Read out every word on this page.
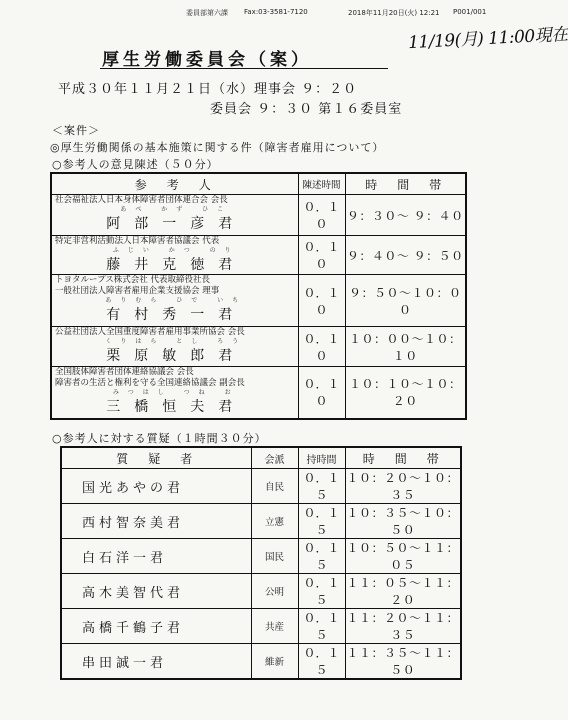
委員部第六課 Fax:03-3581-7120	2018年11月20日(火) 12:21 P001/001
11/19(月) 11:00現在
厚生労働委員会（案）
平成３０年１１月２１日（水）理事会 ９：２０
委員会 ９：３０ 第１６委員室
＜案件＞
◎厚生労働関係の基本施策に関する件（障害者雇用について）
○参考人の意見陳述（５０分）
参　考　人	陳述時間	時　間　帯

社会福祉法人日本身体障害者団体連合会 会長
あべ かず ひこ
阿部一彦君	０．１０	９：３０〜 ９：４０

特定非営利活動法人日本障害者協議会 代表
ふじい かつ のり
藤井克徳君	０．１０	９：４０〜 ９：５０

トヨタループス株式会社 代表取締役社長
一般社団法人障害者雇用企業支援協会 理事
ありむら ひで いち
有村秀一君	０．１０	９：５０〜１０：００

公益社団法人全国重度障害者雇用事業所協会 会長
くりはら とし ろう
栗原敏郎君	０．１０	１０：００〜１０：１０

全国肢体障害者団体連絡協議会 会長
障害者の生活と権利を守る全国連絡協議会 副会長
みつはし つね お
三橋恒夫君	０．１０	１０：１０〜１０：２０
○参考人に対する質疑（１時間３０分）
質　疑　者	会派	持時間	時　間　帯
国光あやの君	自民	０．１５	１０：２０〜１０：３５
西村智奈美君	立憲	０．１５	１０：３５〜１０：５０
白石洋一君	国民	０．１５	１０：５０〜１１：０５
高木美智代君	公明	０．１５	１１：０５〜１１：２０
高橋千鶴子君	共産	０．１５	１１：２０〜１１：３５
串田誠一君	維新	０．１５	１１：３５〜１１：５０
